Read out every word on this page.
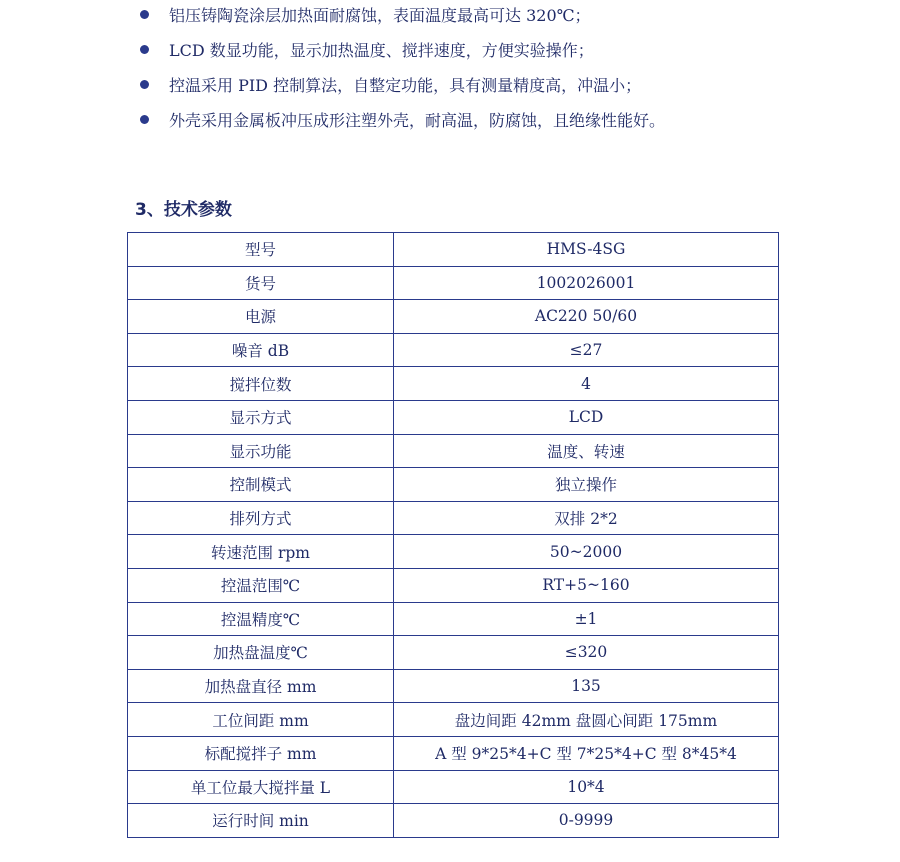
铝压铸陶瓷涂层加热面耐腐蚀，表面温度最高可达 320℃；
LCD 数显功能，显示加热温度、搅拌速度，方便实验操作；
控温采用 PID 控制算法，自整定功能，具有测量精度高，冲温小；
外壳采用金属板冲压成形注塑外壳，耐高温，防腐蚀，且绝缘性能好。
3、技术参数
型号	HMS-4SG
货号	1002026001
电源	AC220 50/60
噪音 dB	≤27
搅拌位数	4
显示方式	LCD
显示功能	温度、转速
控制模式	独立操作
排列方式	双排 2*2
转速范围 rpm	50~2000
控温范围℃	RT+5~160
控温精度℃	±1
加热盘温度℃	≤320
加热盘直径 mm	135
工位间距 mm	盘边间距 42mm 盘圆心间距 175mm
标配搅拌子 mm	A 型 9*25*4+C 型 7*25*4+C 型 8*45*4
单工位最大搅拌量 L	10*4
运行时间 min	0-9999
